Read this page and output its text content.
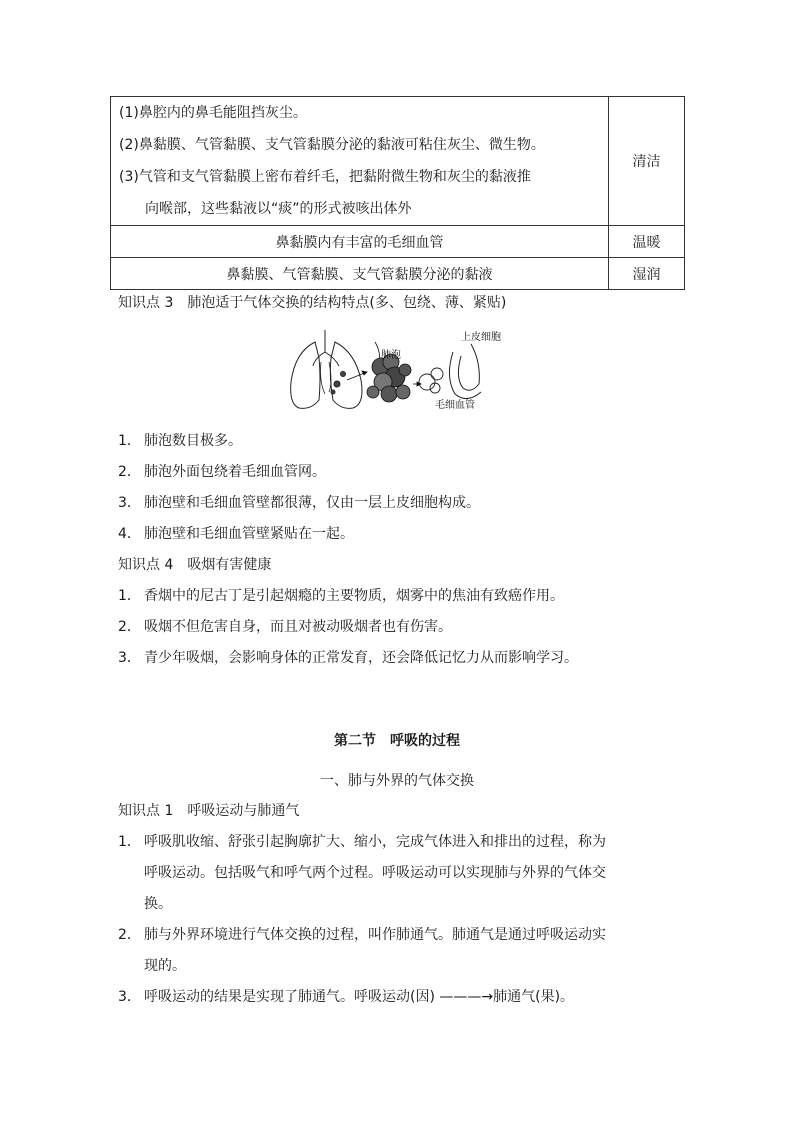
(1)鼻腔内的鼻毛能阻挡灰尘。
(2)鼻黏膜、气管黏膜、支气管黏膜分泌的黏液可粘住灰尘、微生物。
(3)气管和支气管黏膜上密布着纤毛，把黏附微生物和灰尘的黏液推
向喉部，这些黏液以“痰”的形式被咳出体外	清洁
鼻黏膜内有丰富的毛细血管	温暖
鼻黏膜、气管黏膜、支气管黏膜分泌的黏液	湿润
知识点 3　肺泡适于气体交换的结构特点(多、包绕、薄、紧贴)
肺泡
上皮细胞
毛细血管
1． 肺泡数目极多。
2． 肺泡外面包绕着毛细血管网。
3． 肺泡壁和毛细血管壁都很薄，仅由一层上皮细胞构成。
4． 肺泡壁和毛细血管壁紧贴在一起。
知识点 4　吸烟有害健康
1． 香烟中的尼古丁是引起烟瘾的主要物质，烟雾中的焦油有致癌作用。
2． 吸烟不但危害自身，而且对被动吸烟者也有伤害。
3． 青少年吸烟，会影响身体的正常发育，还会降低记忆力从而影响学习。
第二节　呼吸的过程
一、肺与外界的气体交换
知识点 1　呼吸运动与肺通气
1． 呼吸肌收缩、舒张引起胸廓扩大、缩小，完成气体进入和排出的过程，称为
呼吸运动。包括吸气和呼气两个过程。呼吸运动可以实现肺与外界的气体交
换。
2． 肺与外界环境进行气体交换的过程，叫作肺通气。肺通气是通过呼吸运动实
现的。
3． 呼吸运动的结果是实现了肺通气。呼吸运动(因) ———→肺通气(果)。
